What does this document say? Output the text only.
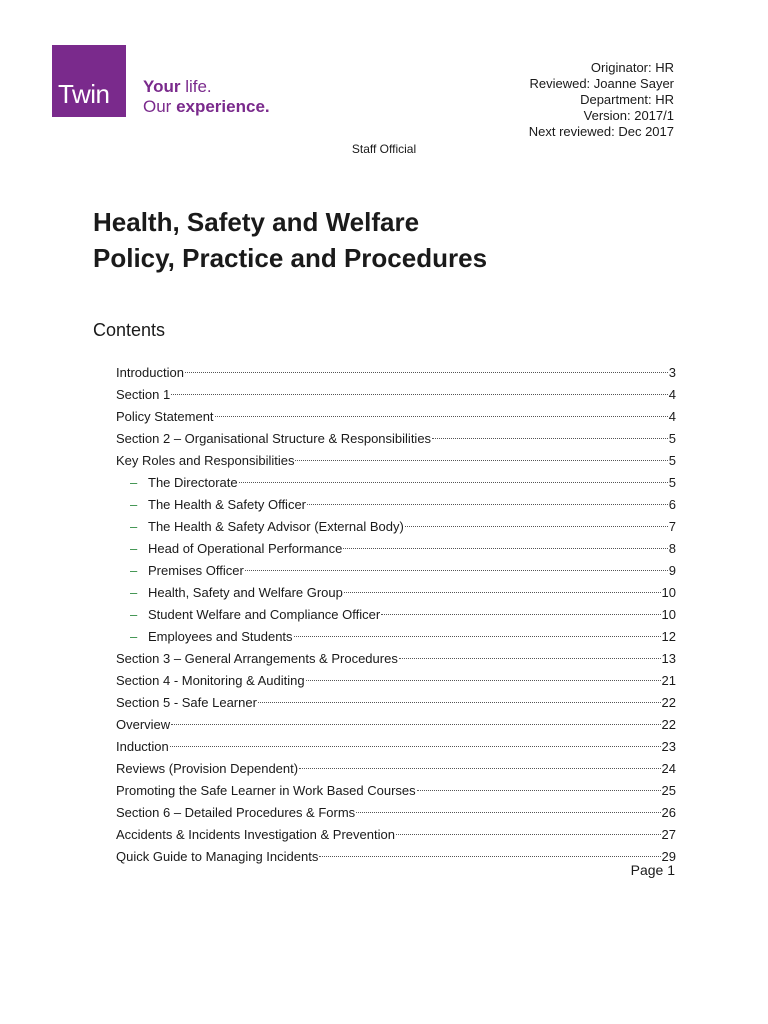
Twin Your life.
Our experience.
Originator: HR
Reviewed: Joanne Sayer
Department: HR
Version: 2017/1
Next reviewed: Dec 2017
Staff Official
Health, Safety and Welfare
Policy, Practice and Procedures
Contents
Introduction	3
Section 1	4
Policy Statement	4
Section 2 – Organisational Structure & Responsibilities	5
Key Roles and Responsibilities	5
– The Directorate	5
– The Health & Safety Officer	6
– The Health & Safety Advisor (External Body)	7
– Head of Operational Performance	8
– Premises Officer	9
– Health, Safety and Welfare Group	10
– Student Welfare and Compliance Officer	10
– Employees and Students	12
Section 3 – General Arrangements & Procedures	13
Section 4 - Monitoring & Auditing	21
Section 5 - Safe Learner	22
Overview	22
Induction	23
Reviews (Provision Dependent)	24
Promoting the Safe Learner in Work Based Courses	25
Section 6 – Detailed Procedures & Forms	26
Accidents & Incidents Investigation & Prevention	27
Quick Guide to Managing Incidents	29
Page 1
